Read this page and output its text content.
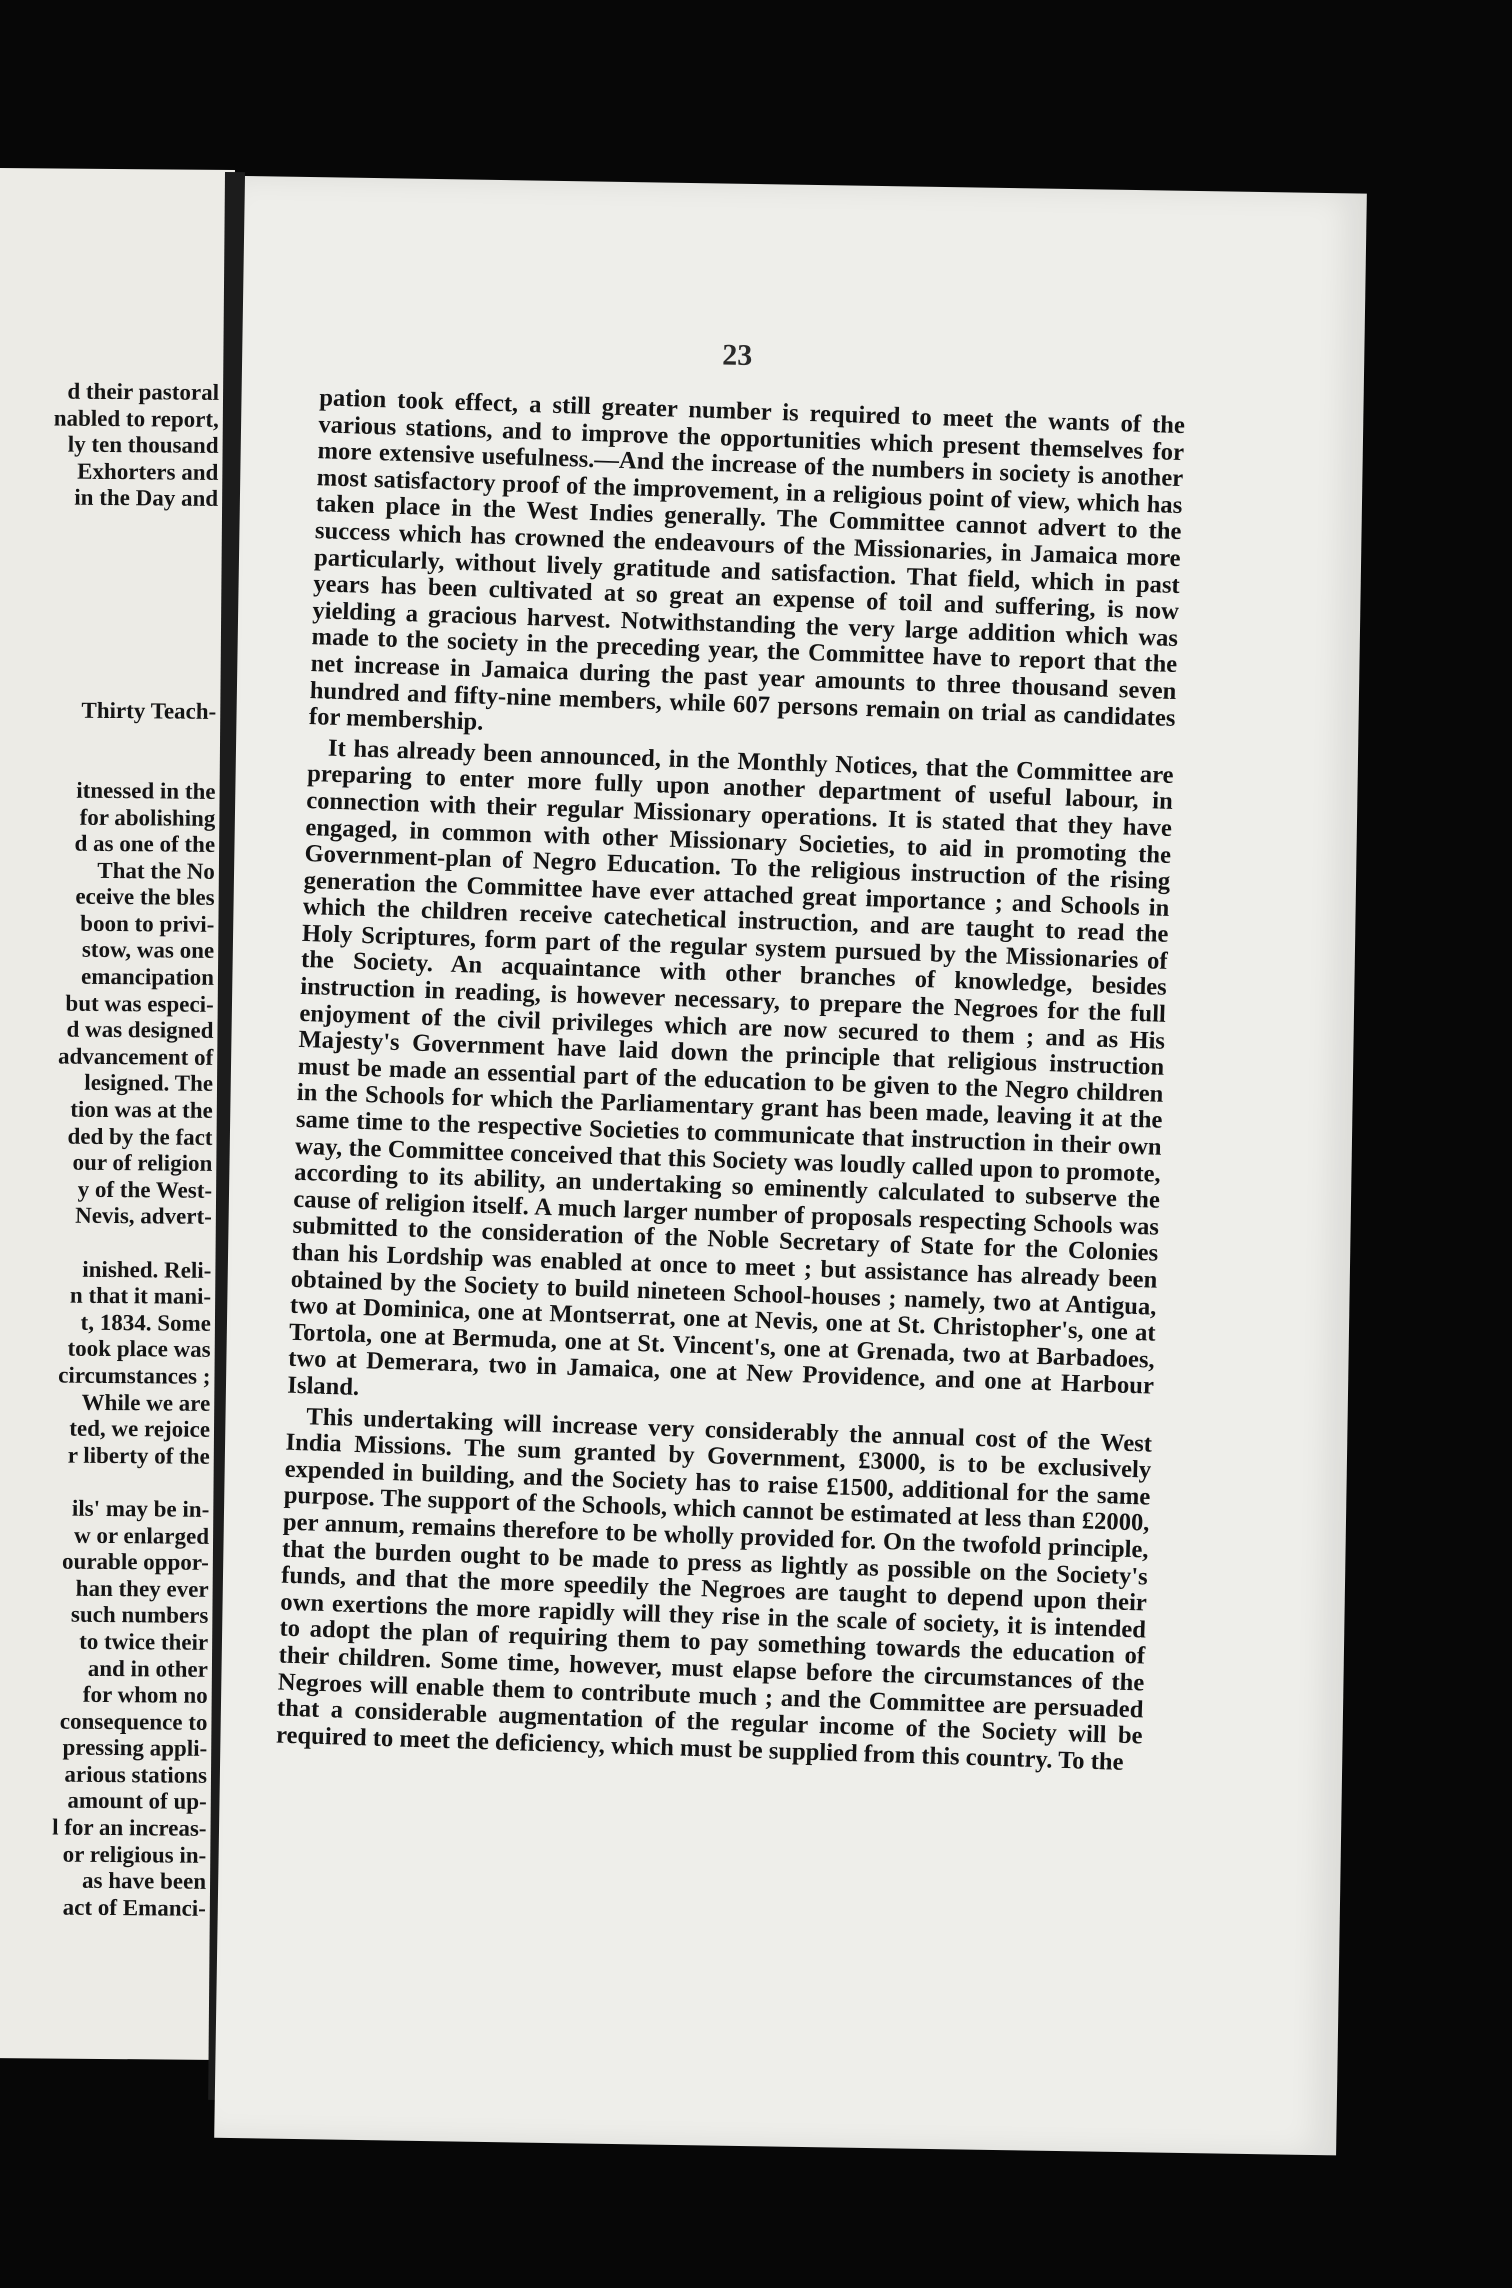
d their pastoral
nabled to report,
ly ten thousand
Exhorters and
in the Day and

Thirty Teach-

itnessed in the
for abolishing
d as one of the
That the No
eceive the bles
boon to privi-
stow, was one
emancipation
but was especi-
d was designed
advancement of
lesigned. The
tion was at the
ded by the fact
our of religion
y of the West-
Nevis, advert-

inished. Reli-
n that it mani-
t, 1834. Some
took place was
circumstances ;
While we are
ted, we rejoice
r liberty of the

ils' may be in-
w or enlarged
ourable oppor-
han they ever
such numbers
to twice their
and in other
for whom no
consequence to
pressing appli-
arious stations
amount of up-
l for an increas-
or religious in-
as have been
act of Emanci-
23

pation took effect, a still greater number is required to meet the wants of the various stations, and to improve the opportunities which present themselves for more extensive usefulness.—And the increase of the numbers in society is another most satisfactory proof of the improvement, in a religious point of view, which has taken place in the West Indies generally. The Committee cannot advert to the success which has crowned the endeavours of the Missionaries, in Jamaica more particularly, without lively gratitude and satisfaction. That field, which in past years has been cultivated at so great an expense of toil and suffering, is now yielding a gracious harvest. Notwithstanding the very large addition which was made to the society in the preceding year, the Committee have to report that the net increase in Jamaica during the past year amounts to three thousand seven hundred and fifty-nine members, while 607 persons remain on trial as candidates for membership.

It has already been announced, in the Monthly Notices, that the Committee are preparing to enter more fully upon another department of useful labour, in connection with their regular Missionary operations. It is stated that they have engaged, in common with other Missionary Societies, to aid in promoting the Government-plan of Negro Education. To the religious instruction of the rising generation the Committee have ever attached great importance ; and Schools in which the children receive catechetical instruction, and are taught to read the Holy Scriptures, form part of the regular system pursued by the Missionaries of the Society. An acquaintance with other branches of knowledge, besides instruction in reading, is however necessary, to prepare the Negroes for the full enjoyment of the civil privileges which are now secured to them ; and as His Majesty's Government have laid down the principle that religious instruction must be made an essential part of the education to be given to the Negro children in the Schools for which the Parliamentary grant has been made, leaving it at the same time to the respective Societies to communicate that instruction in their own way, the Committee conceived that this Society was loudly called upon to promote, according to its ability, an undertaking so eminently calculated to subserve the cause of religion itself. A much larger number of proposals respecting Schools was submitted to the consideration of the Noble Secretary of State for the Colonies than his Lordship was enabled at once to meet ; but assistance has already been obtained by the Society to build nineteen School-houses ; namely, two at Antigua, two at Dominica, one at Montserrat, one at Nevis, one at St. Christopher's, one at Tortola, one at Bermuda, one at St. Vincent's, one at Grenada, two at Barbadoes, two at Demerara, two in Jamaica, one at New Providence, and one at Harbour Island.

This undertaking will increase very considerably the annual cost of the West India Missions. The sum granted by Government, £3000, is to be exclusively expended in building, and the Society has to raise £1500, additional for the same purpose. The support of the Schools, which cannot be estimated at less than £2000, per annum, remains therefore to be wholly provided for. On the twofold principle, that the burden ought to be made to press as lightly as possible on the Society's funds, and that the more speedily the Negroes are taught to depend upon their own exertions the more rapidly will they rise in the scale of society, it is intended to adopt the plan of requiring them to pay something towards the education of their children. Some time, however, must elapse before the circumstances of the Negroes will enable them to contribute much ; and the Committee are persuaded that a considerable augmentation of the regular income of the Society will be required to meet the deficiency, which must be supplied from this country. To the
